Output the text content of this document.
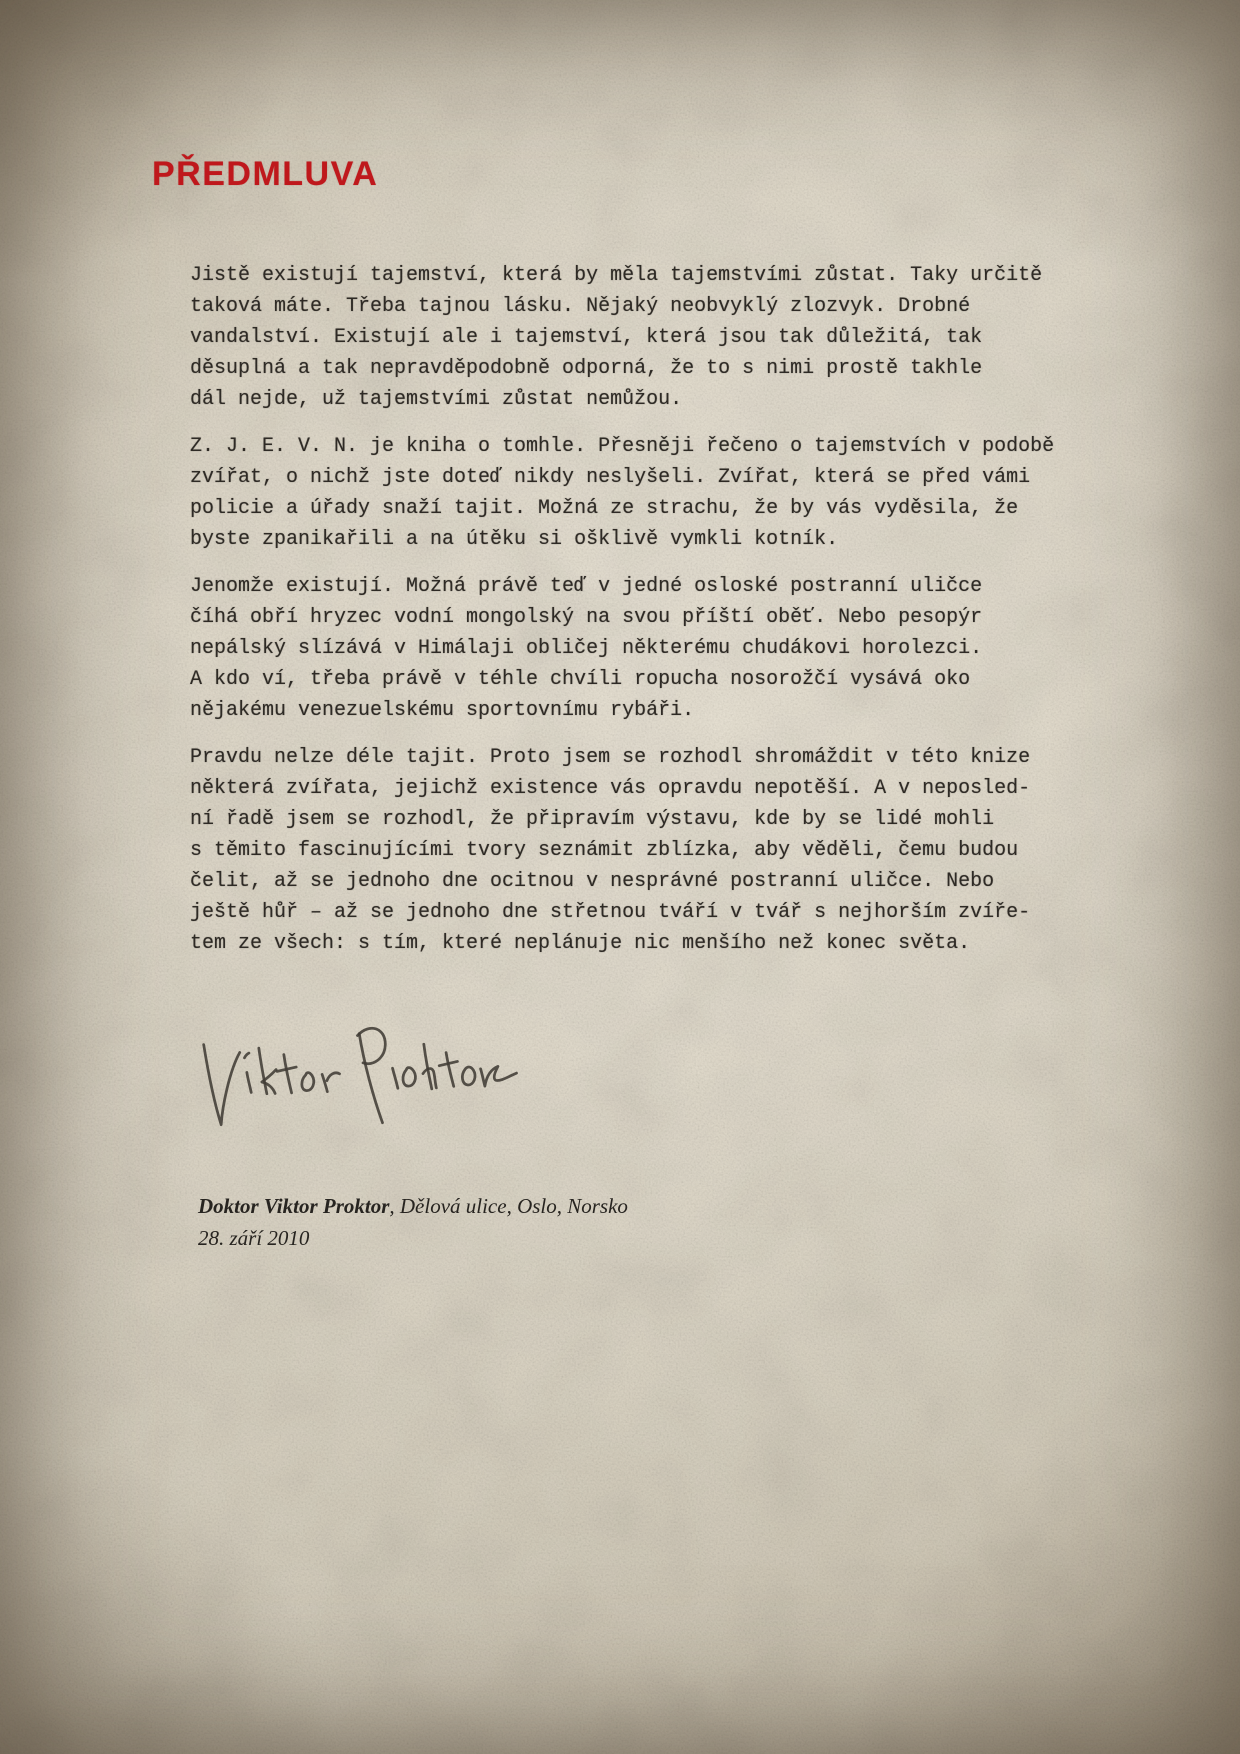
PŘEDMLUVA
Jistě existují tajemství, která by měla tajemstvími zůstat. Taky určitě
taková máte. Třeba tajnou lásku. Nějaký neobvyklý zlozvyk. Drobné
vandalství. Existují ale i tajemství, která jsou tak důležitá, tak
děsuplná a tak nepravděpodobně odporná, že to s nimi prostě takhle
dál nejde, už tajemstvími zůstat nemůžou.
Z. J. E. V. N. je kniha o tomhle. Přesněji řečeno o tajemstvích v podobě
zvířat, o nichž jste doteď nikdy neslyšeli. Zvířat, která se před vámi
policie a úřady snaží tajit. Možná ze strachu, že by vás vyděsila, že
byste zpanikařili a na útěku si ošklivě vymkli kotník.
Jenomže existují. Možná právě teď v jedné osloské postranní uličce
číhá obří hryzec vodní mongolský na svou příští oběť. Nebo pesopýr
nepálský slízává v Himálaji obličej některému chudákovi horolezci.
A kdo ví, třeba právě v téhle chvíli ropucha nosorožčí vysává oko
nějakému venezuelskému sportovnímu rybáři.
Pravdu nelze déle tajit. Proto jsem se rozhodl shromáždit v této knize
některá zvířata, jejichž existence vás opravdu nepotěší. A v neposled-
ní řadě jsem se rozhodl, že připravím výstavu, kde by se lidé mohli
s těmito fascinujícími tvory seznámit zblízka, aby věděli, čemu budou
čelit, až se jednoho dne ocitnou v nesprávné postranní uličce. Nebo
ještě hůř – až se jednoho dne střetnou tváří v tvář s nejhorším zvíře-
tem ze všech: s tím, které neplánuje nic menšího než konec světa.
Doktor Viktor Proktor, Dělová ulice, Oslo, Norsko
28. září 2010
